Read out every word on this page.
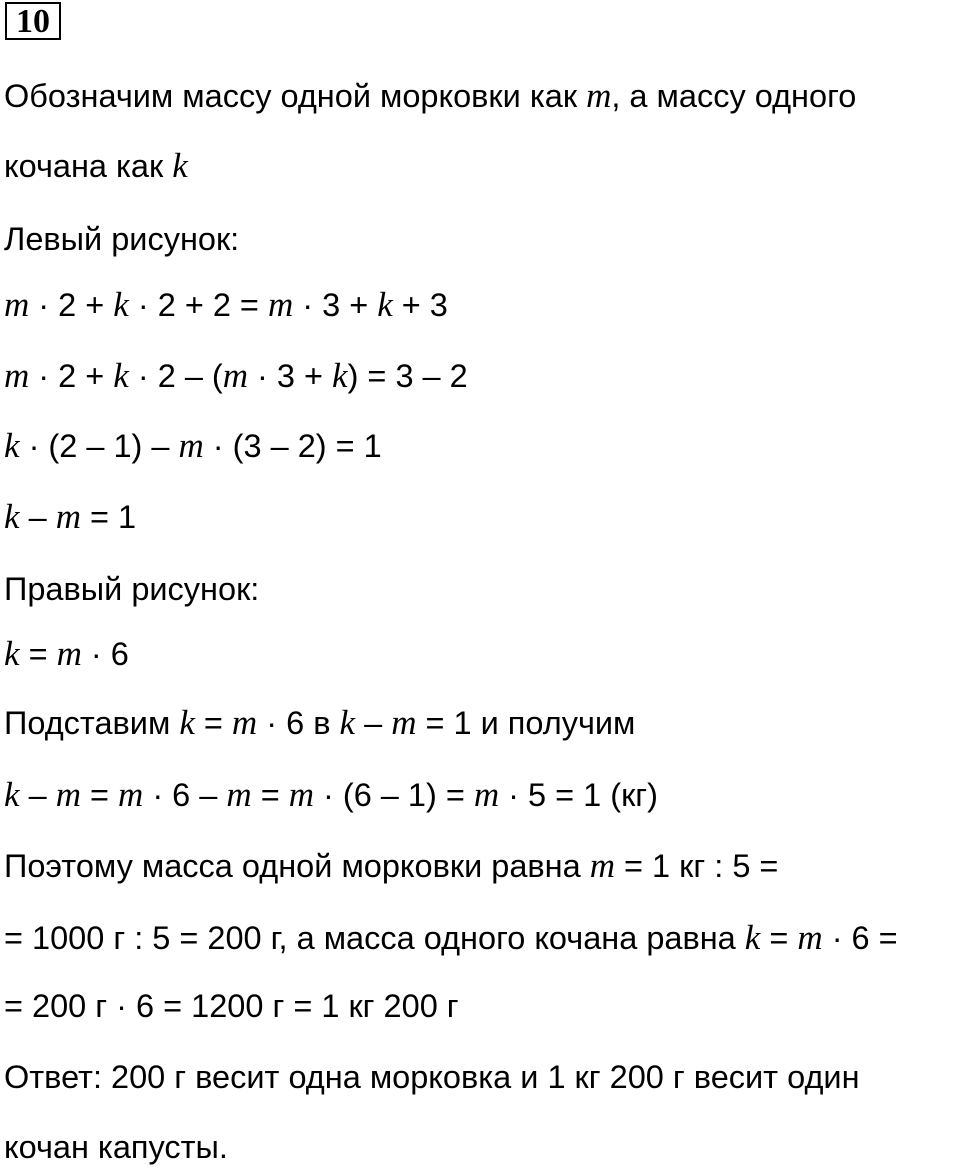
10
Обозначим массу одной морковки как m, а массу одного
кочана как k
Левый рисунок:
m · 2 + k · 2 + 2 = m · 3 + k + 3
m · 2 + k · 2 – (m · 3 + k) = 3 – 2
k · (2 – 1) – m · (3 – 2) = 1
k – m = 1
Правый рисунок:
k = m · 6
Подставим k = m · 6 в k – m = 1 и получим
k – m = m · 6 – m = m · (6 – 1) = m · 5 = 1 (кг)
Поэтому масса одной морковки равна m = 1 кг : 5 =
= 1000 г : 5 = 200 г, а масса одного кочана равна k = m · 6 =
= 200 г · 6 = 1200 г = 1 кг 200 г
Ответ: 200 г весит одна морковка и 1 кг 200 г весит один
кочан капусты.
